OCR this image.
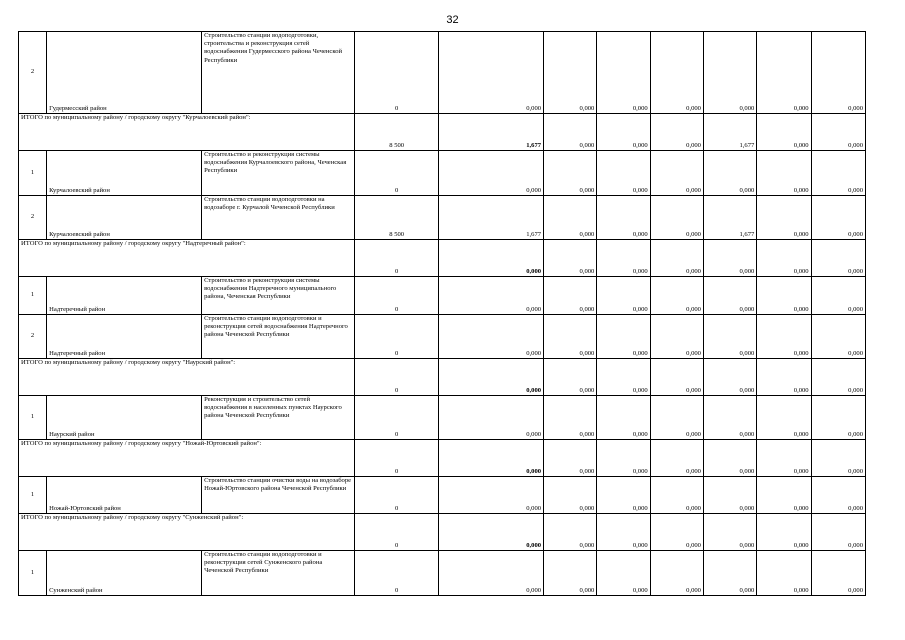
32
2	Гудермесский район	Строительство станции водоподготовки, строительства и реконструкция сетей водоснабжения Гудермесского района Чеченской Республики	0	0,000	0,000	0,000	0,000	0,000	0,000	0,000
ИТОГО по муниципальному району / городскому округу "Курчалоевский район":			8 500	1,677	0,000	0,000	0,000	1,677	0,000	0,000
1	Курчалоевский район	Строительство и реконструкция системы водоснабжения Курчалоевского района, Чеченская Республики	0	0,000	0,000	0,000	0,000	0,000	0,000	0,000
2	Курчалоевский район	Строительство станции водоподготовки на водозаборе г. Курчалой Чеченской Республики	8 500	1,677	0,000	0,000	0,000	1,677	0,000	0,000
ИТОГО по муниципальному району / городскому округу "Надтеречный район":			0	0,000	0,000	0,000	0,000	0,000	0,000	0,000
1	Надтеречный район	Строительство и реконструкция системы водоснабжения Надтеречного муниципального района, Чеченская Республики	0	0,000	0,000	0,000	0,000	0,000	0,000	0,000
2	Надтеречный район	Строительство станции водоподготовки и реконструкция сетей водоснабжения Надтеречного района Чеченской Республики	0	0,000	0,000	0,000	0,000	0,000	0,000	0,000
ИТОГО по муниципальному району / городскому округу "Наурский район":			0	0,000	0,000	0,000	0,000	0,000	0,000	0,000
1	Наурский район	Реконструкция и строительство сетей водоснабжения в населенных пунктах Наурского района Чеченской Республики	0	0,000	0,000	0,000	0,000	0,000	0,000	0,000
ИТОГО по муниципальному району / городскому округу "Ножай-Юртовский район":			0	0,000	0,000	0,000	0,000	0,000	0,000	0,000
1	Ножай-Юртовский район	Строительство станции очистки воды на водозаборе Ножай-Юртовского района Чеченской Республики	0	0,000	0,000	0,000	0,000	0,000	0,000	0,000
ИТОГО по муниципальному району / городскому округу "Сунженский район":			0	0,000	0,000	0,000	0,000	0,000	0,000	0,000
1	Сунженский район	Строительство станции водоподготовки и реконструкция сетей Сунженского района Чеченской Республики	0	0,000	0,000	0,000	0,000	0,000	0,000	0,000
